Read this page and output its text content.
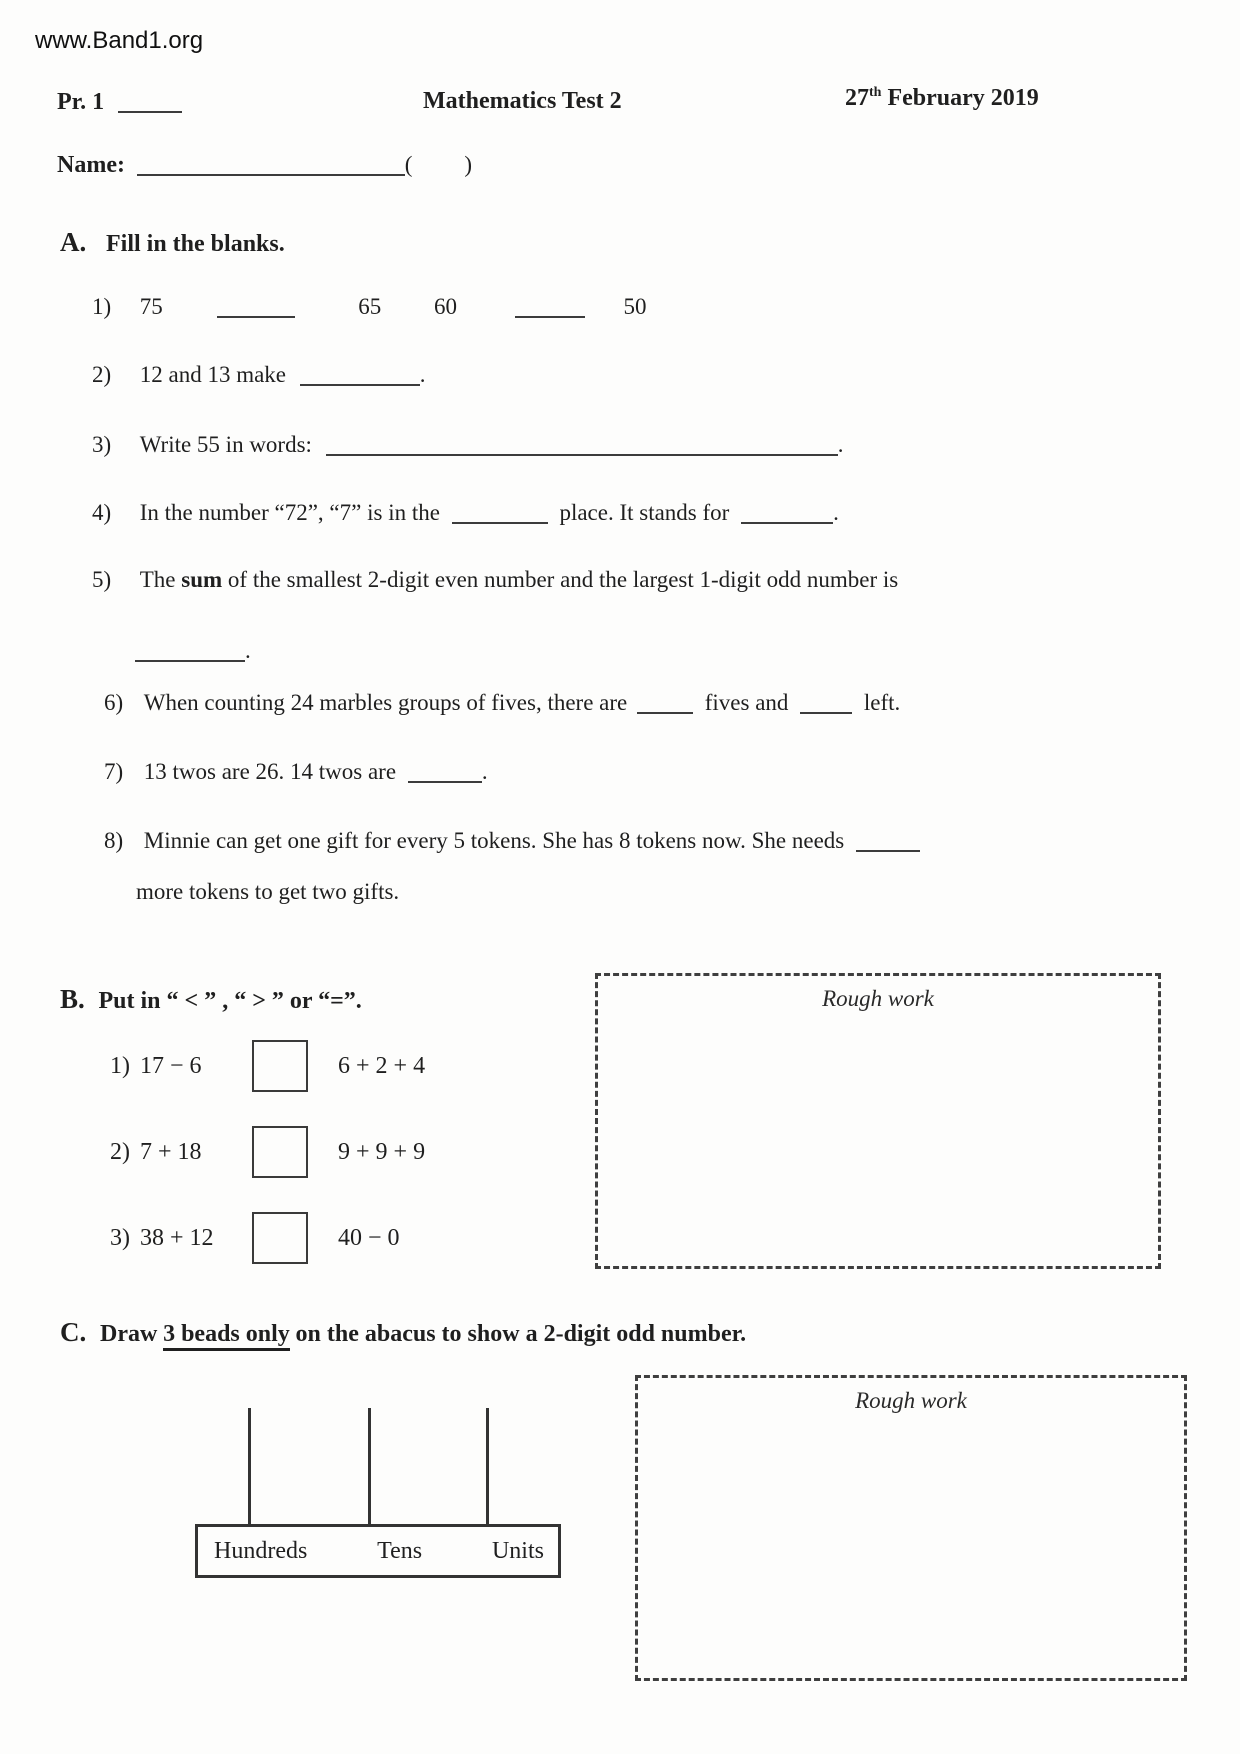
www.Band1.org
Pr. 1	Mathematics Test 2	27th February 2019
Name:	( )
A. Fill in the blanks.
1) 75	65 60	50
2) 12 and 13 make	.
3) Write 55 in words:	.
4) In the number “72”, “7” is in the	place. It stands for	.
5) The sum of the smallest 2-digit even number and the largest 1-digit odd number is
.
6) When counting 24 marbles groups of fives, there are	fives and	left.
7) 13 twos are 26. 14 twos are	.
8) Minnie can get one gift for every 5 tokens. She has 8 tokens now. She needs
more tokens to get two gifts.
B. Put in “ < ” , “ > ” or “=”.
1) 17 − 6	6 + 2 + 4
2) 7 + 18	9 + 9 + 9
3) 38 + 12	40 − 0
Rough work
C. Draw 3 beads only on the abacus to show a 2-digit odd number.
Hundreds	Tens	Units
Rough work
